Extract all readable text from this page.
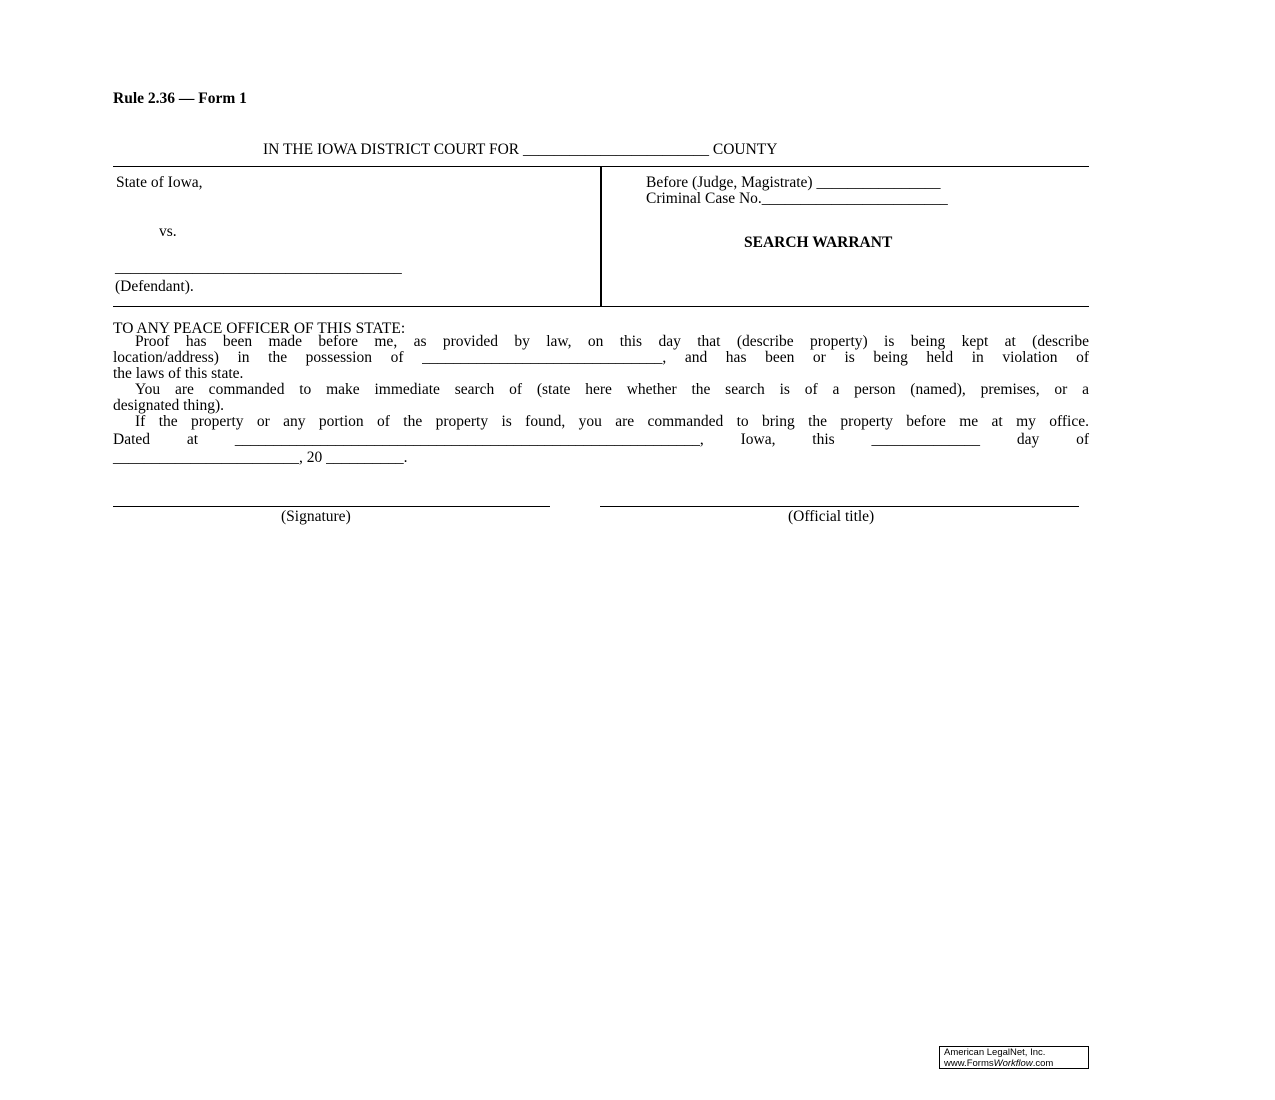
Rule 2.36 — Form 1
IN THE IOWA DISTRICT COURT FOR ________________________ COUNTY
State of Iowa,
vs.
_____________________________________
(Defendant).
Before (Judge, Magistrate) ________________
Criminal Case No.________________________
SEARCH WARRANT
TO ANY PEACE OFFICER OF THIS STATE:
Proof has been made before me, as provided by law, on this day that (describe property) is being kept at (describe
location/address) in the possession of _______________________________, and has been or is being held in violation of
the laws of this state.
You are commanded to make immediate search of (state here whether the search is of a person (named), premises, or a
designated thing).
If the property or any portion of the property is found, you are commanded to bring the property before me at my office.
Dated at ____________________________________________________________, Iowa, this ______________ day of
________________________, 20 __________.
(Signature)	(Official title)
American LegalNet, Inc.
www.FormsWorkflow.com
